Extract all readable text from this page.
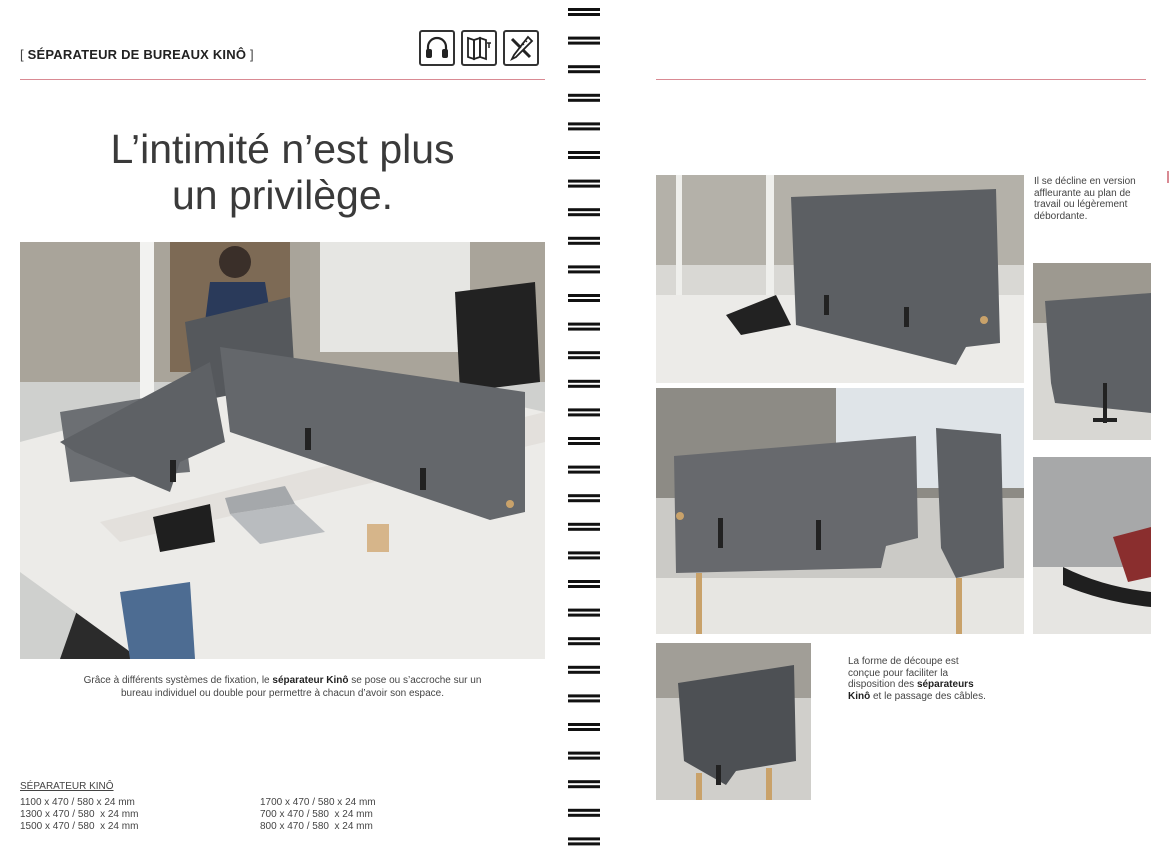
[ SÉPARATEUR DE BUREAUX KINÔ ]
L’intimité n’est plus
un privilège.
Grâce à différents systèmes de fixation, le séparateur Kinô se pose ou s’accroche sur un bureau individuel ou double pour permettre à chacun d’avoir son espace.
SÉPARATEUR KINÔ
1100 x 470 / 580 x 24 mm
1300 x 470 / 580  x 24 mm
1500 x 470 / 580  x 24 mm
1700 x 470 / 580 x 24 mm
700 x 470 / 580  x 24 mm
800 x 470 / 580  x 24 mm
Il se décline en version affleurante au plan de travail ou légèrement débordante.
La forme de découpe est conçue pour faciliter la disposition des séparateurs Kinô et le passage des câbles.
